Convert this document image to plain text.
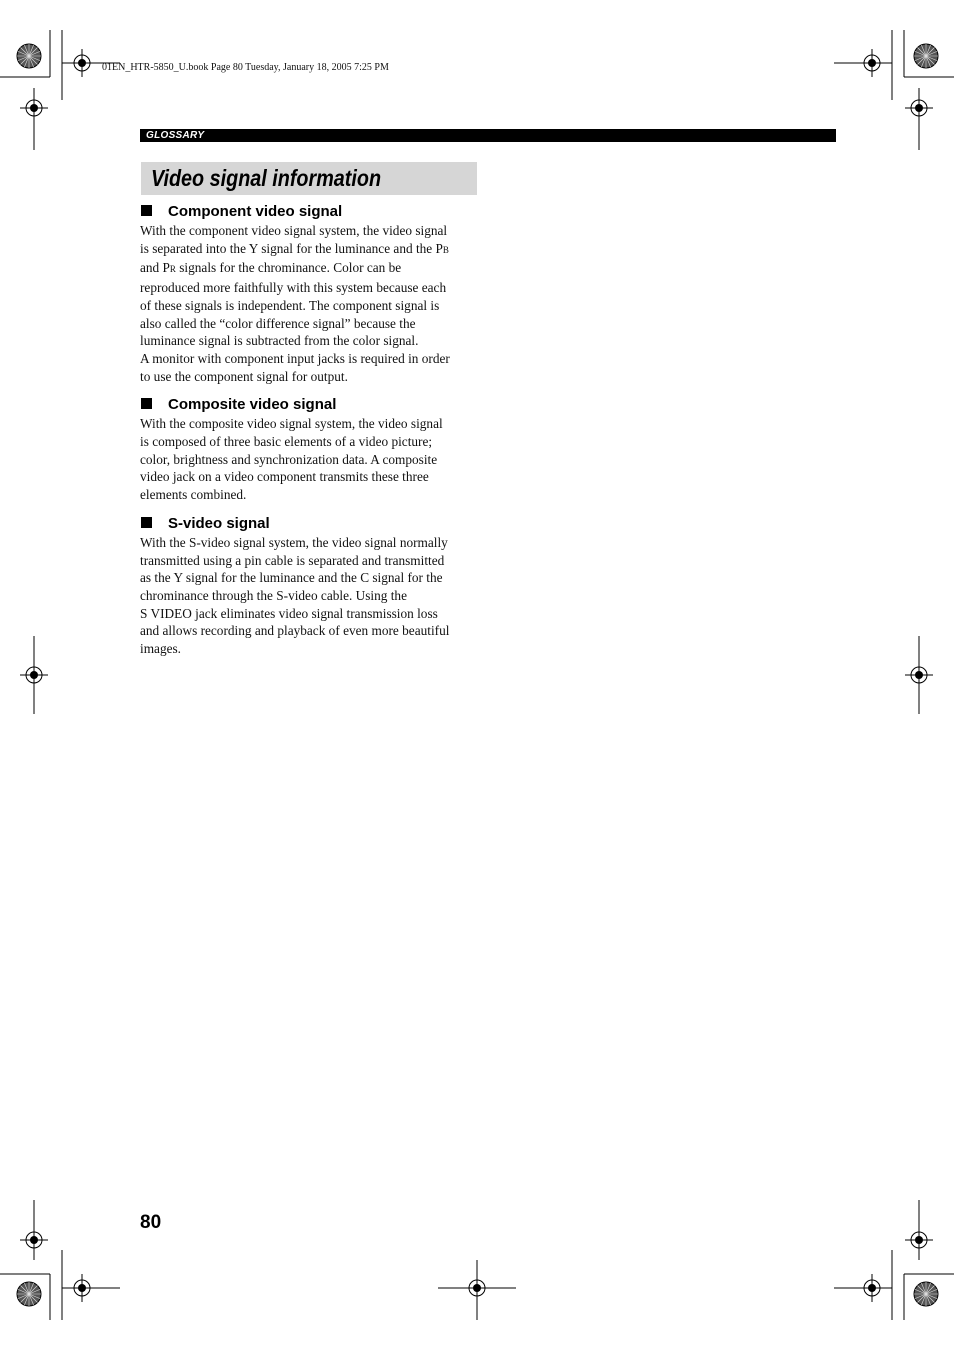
01EN_HTR-5850_U.book Page 80 Tuesday, January 18, 2005 7:25 PM
GLOSSARY
Video signal information
Component video signal

With the component video signal system, the video signal
is separated into the Y signal for the luminance and the PB
and PR signals for the chrominance. Color can be
reproduced more faithfully with this system because each
of these signals is independent. The component signal is
also called the “color difference signal” because the
luminance signal is subtracted from the color signal.

A monitor with component input jacks is required in order
to use the component signal for output.

Composite video signal

With the composite video signal system, the video signal
is composed of three basic elements of a video picture;
color, brightness and synchronization data. A composite
video jack on a video component transmits these three
elements combined.

S-video signal

With the S-video signal system, the video signal normally
transmitted using a pin cable is separated and transmitted
as the Y signal for the luminance and the C signal for the
chrominance through the S-video cable. Using the
S VIDEO jack eliminates video signal transmission loss
and allows recording and playback of even more beautiful
images.

80
